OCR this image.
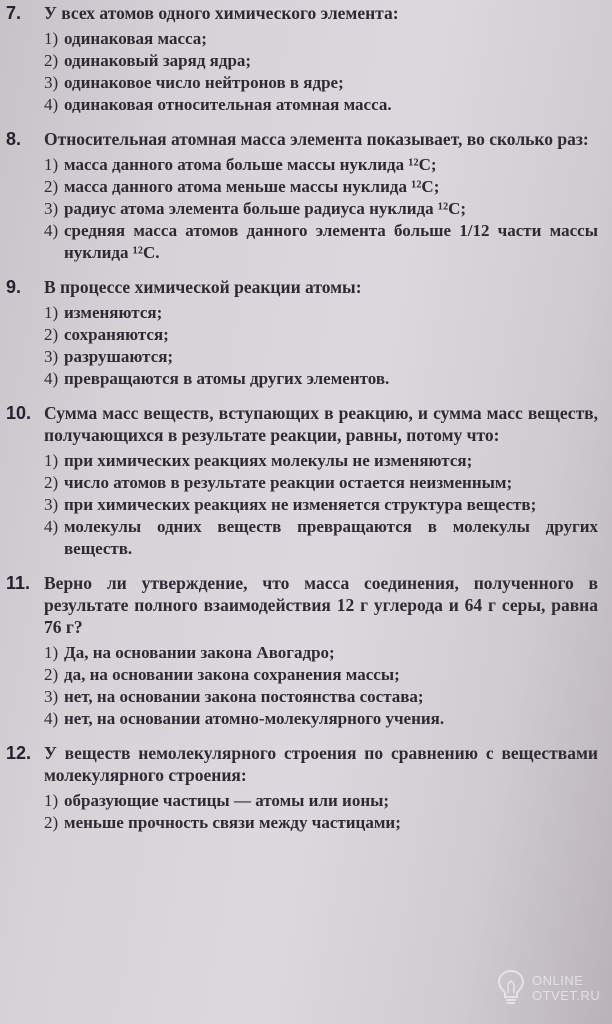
7.	У всех атомов одного химического элемента:
1) одинаковая масса;
2) одинаковый заряд ядра;
3) одинаковое число нейтронов в ядре;
4) одинаковая относительная атомная масса.
8.	Относительная атомная масса элемента показывает, во сколько раз:
1) масса данного атома больше массы нуклида ¹²C;
2) масса данного атома меньше массы нуклида ¹²C;
3) радиус атома элемента больше радиуса нуклида ¹²C;
4) средняя масса атомов данного элемента больше 1/12 части массы нуклида ¹²C.
9.	В процессе химической реакции атомы:
1) изменяются;
2) сохраняются;
3) разрушаются;
4) превращаются в атомы других элементов.
10. Сумма масс веществ, вступающих в реакцию, и сумма масс веществ, получающихся в результате реакции, равны, потому что:
1) при химических реакциях молекулы не изменяются;
2) число атомов в результате реакции остается неизменным;
3) при химических реакциях не изменяется структура веществ;
4) молекулы одних веществ превращаются в молекулы других веществ.
11. Верно ли утверждение, что масса соединения, полученного в результате полного взаимодействия 12 г углерода и 64 г серы, равна 76 г?
1) Да, на основании закона Авогадро;
2) да, на основании закона сохранения массы;
3) нет, на основании закона постоянства состава;
4) нет, на основании атомно-молекулярного учения.
12. У веществ немолекулярного строения по сравнению с веществами молекулярного строения:
1) образующие частицы — атомы или ионы;
2) меньше прочность связи между частицами;
ONLINE
OTVET.RU
